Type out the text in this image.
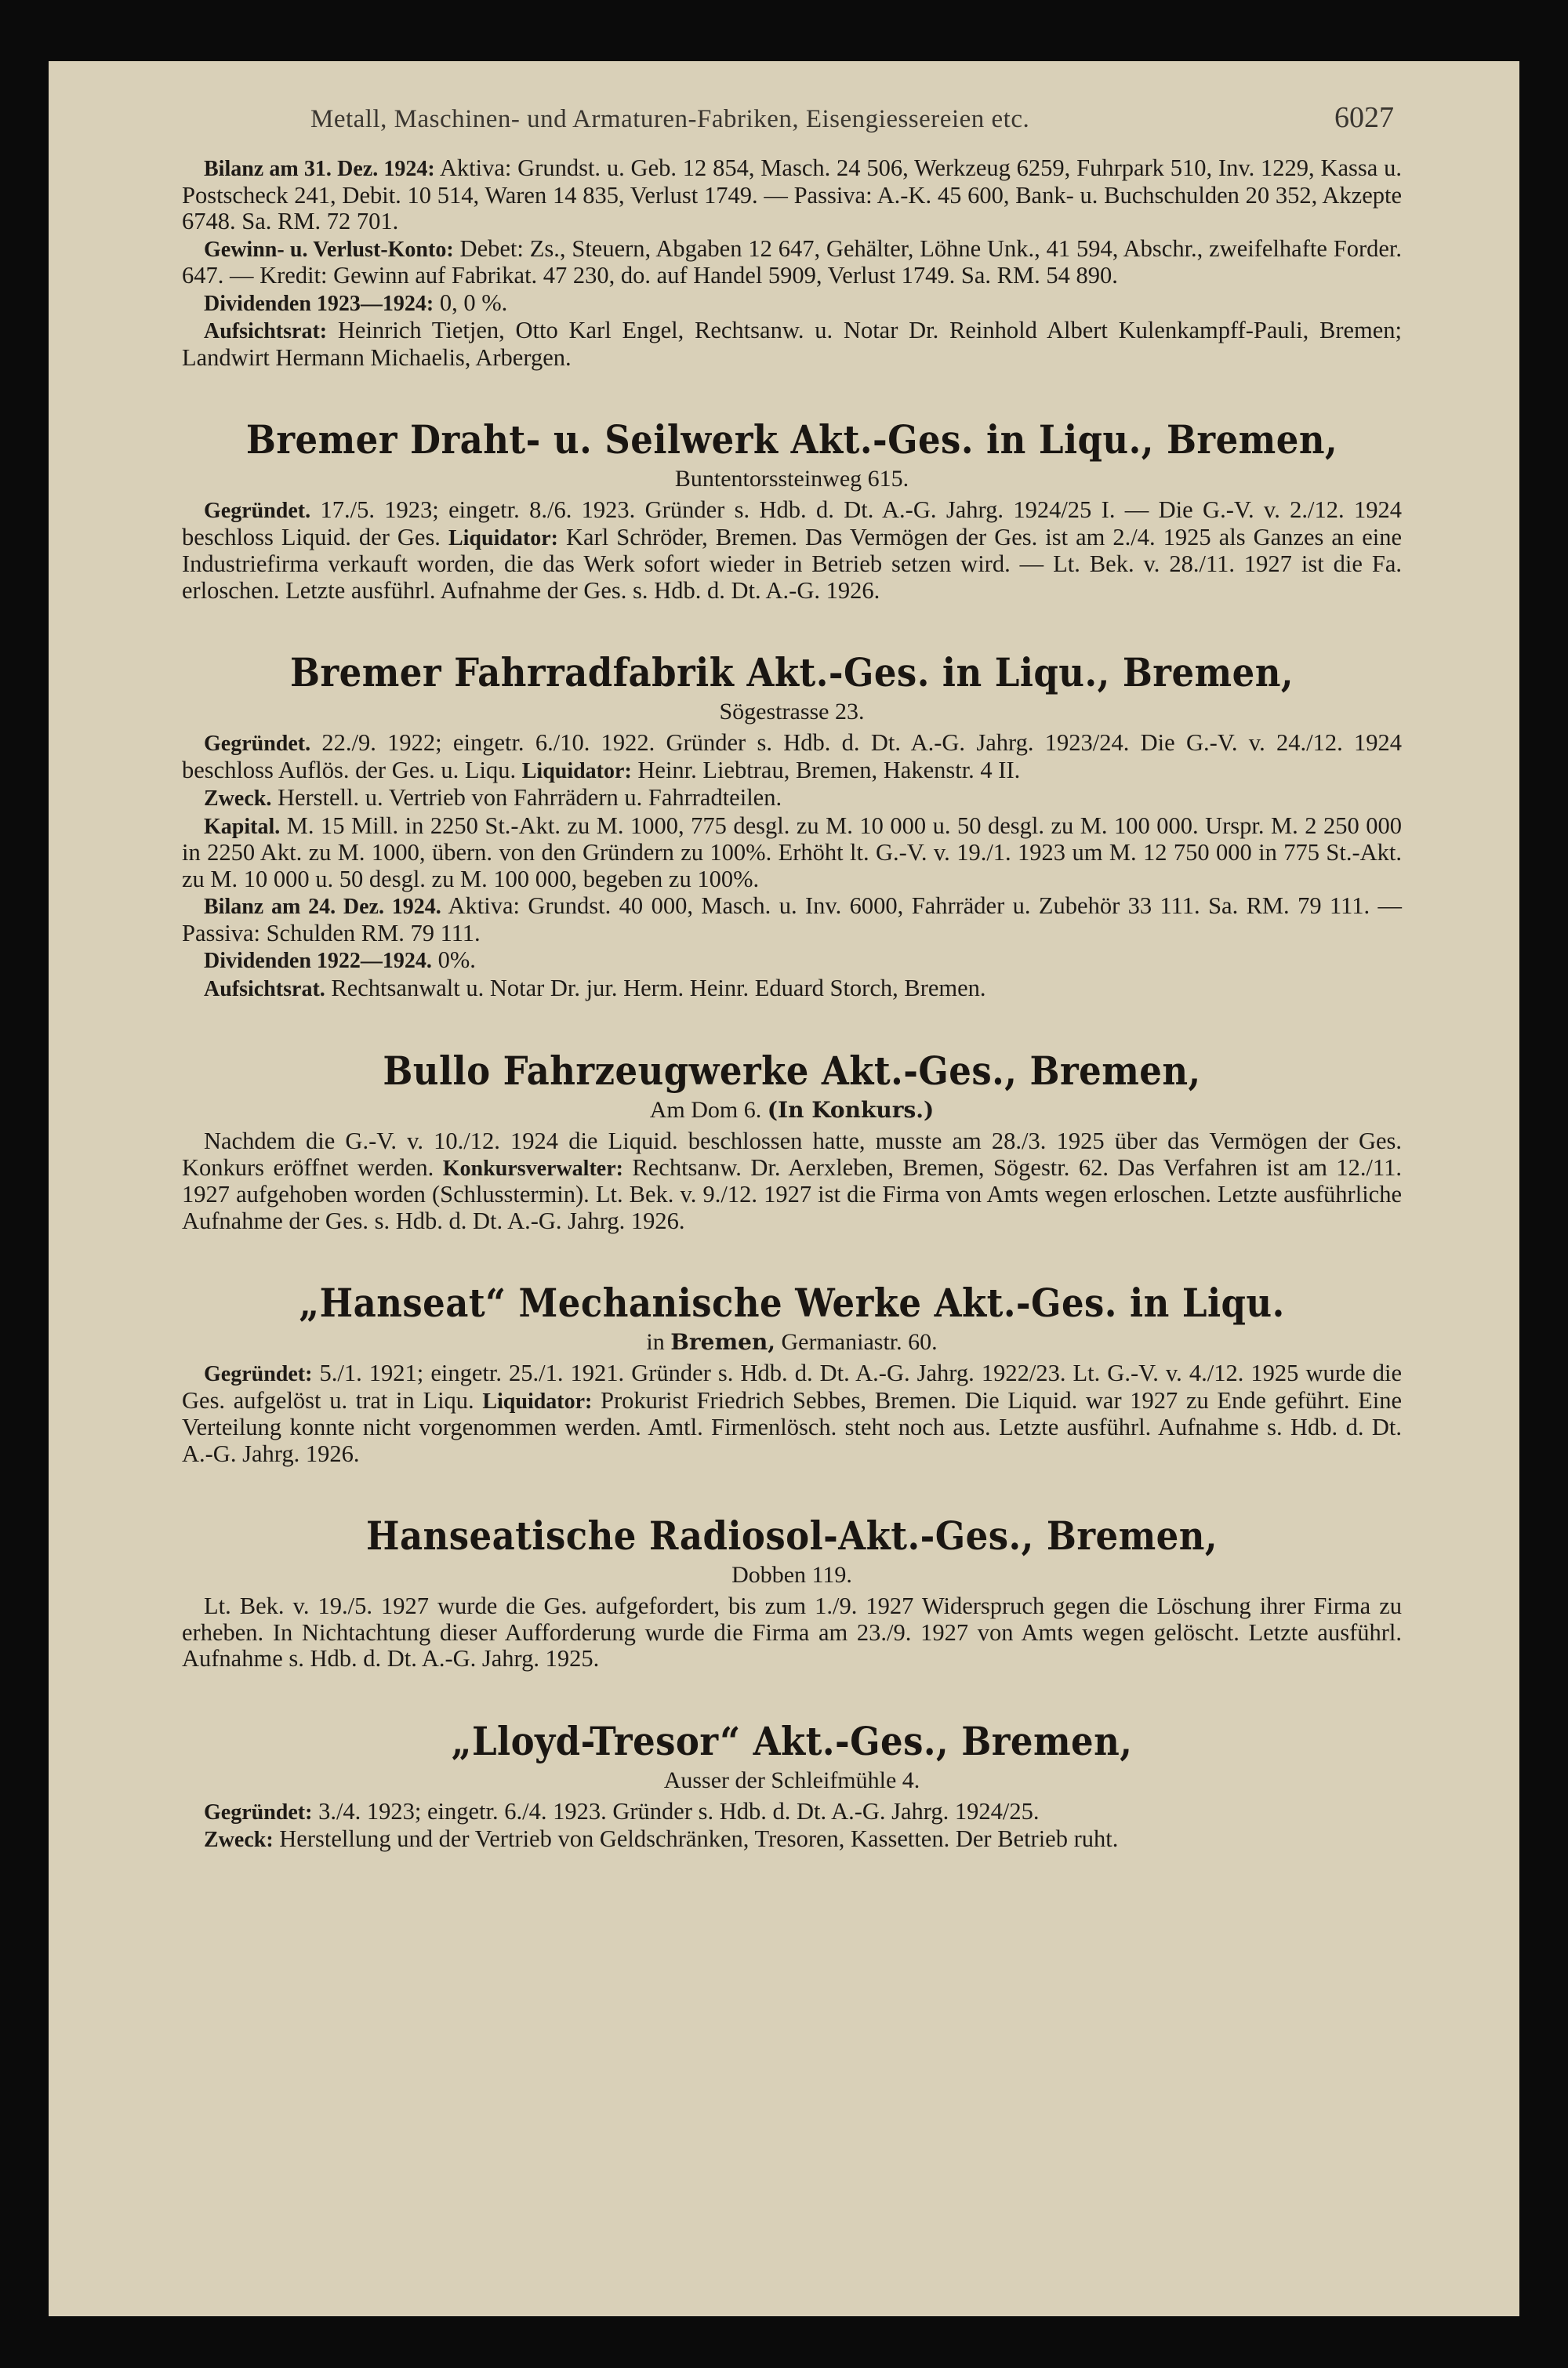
Metall, Maschinen- und Armaturen-Fabriken, Eisengiessereien etc.	6027

Bilanz am 31. Dez. 1924: Aktiva: Grundst. u. Geb. 12 854, Masch. 24 506, Werkzeug 6259, Fuhrpark 510, Inv. 1229, Kassa u. Postscheck 241, Debit. 10 514, Waren 14 835, Verlust 1749. — Passiva: A.-K. 45 600, Bank- u. Buchschulden 20 352, Akzepte 6748. Sa. RM. 72 701.

Gewinn- u. Verlust-Konto: Debet: Zs., Steuern, Abgaben 12 647, Gehälter, Löhne Unk., 41 594, Abschr., zweifelhafte Forder. 647. — Kredit: Gewinn auf Fabrikat. 47 230, do. auf Handel 5909, Verlust 1749. Sa. RM. 54 890.

Dividenden 1923—1924: 0, 0 %.

Aufsichtsrat: Heinrich Tietjen, Otto Karl Engel, Rechtsanw. u. Notar Dr. Reinhold Albert Kulenkampff-Pauli, Bremen; Landwirt Hermann Michaelis, Arbergen.

Bremer Draht- u. Seilwerk Akt.-Ges. in Liqu., Bremen,
Buntentorssteinweg 615.

Gegründet. 17./5. 1923; eingetr. 8./6. 1923. Gründer s. Hdb. d. Dt. A.-G. Jahrg. 1924/25 I. — Die G.-V. v. 2./12. 1924 beschloss Liquid. der Ges. Liquidator: Karl Schröder, Bremen. Das Vermögen der Ges. ist am 2./4. 1925 als Ganzes an eine Industriefirma verkauft worden, die das Werk sofort wieder in Betrieb setzen wird. — Lt. Bek. v. 28./11. 1927 ist die Fa. erloschen. Letzte ausführl. Aufnahme der Ges. s. Hdb. d. Dt. A.-G. 1926.

Bremer Fahrradfabrik Akt.-Ges. in Liqu., Bremen,
Sögestrasse 23.

Gegründet. 22./9. 1922; eingetr. 6./10. 1922. Gründer s. Hdb. d. Dt. A.-G. Jahrg. 1923/24. Die G.-V. v. 24./12. 1924 beschloss Auflös. der Ges. u. Liqu. Liquidator: Heinr. Liebtrau, Bremen, Hakenstr. 4 II.

Zweck. Herstell. u. Vertrieb von Fahrrädern u. Fahrradteilen.

Kapital. M. 15 Mill. in 2250 St.-Akt. zu M. 1000, 775 desgl. zu M. 10 000 u. 50 desgl. zu M. 100 000. Urspr. M. 2 250 000 in 2250 Akt. zu M. 1000, übern. von den Gründern zu 100%. Erhöht lt. G.-V. v. 19./1. 1923 um M. 12 750 000 in 775 St.-Akt. zu M. 10 000 u. 50 desgl. zu M. 100 000, begeben zu 100%.

Bilanz am 24. Dez. 1924. Aktiva: Grundst. 40 000, Masch. u. Inv. 6000, Fahrräder u. Zubehör 33 111. Sa. RM. 79 111. — Passiva: Schulden RM. 79 111.

Dividenden 1922—1924. 0%.

Aufsichtsrat. Rechtsanwalt u. Notar Dr. jur. Herm. Heinr. Eduard Storch, Bremen.

Bullo Fahrzeugwerke Akt.-Ges., Bremen,
Am Dom 6. (In Konkurs.)

Nachdem die G.-V. v. 10./12. 1924 die Liquid. beschlossen hatte, musste am 28./3. 1925 über das Vermögen der Ges. Konkurs eröffnet werden. Konkursverwalter: Rechtsanw. Dr. Aerxleben, Bremen, Sögestr. 62. Das Verfahren ist am 12./11. 1927 aufgehoben worden (Schlusstermin). Lt. Bek. v. 9./12. 1927 ist die Firma von Amts wegen erloschen. Letzte ausführliche Aufnahme der Ges. s. Hdb. d. Dt. A.-G. Jahrg. 1926.

„Hanseat“ Mechanische Werke Akt.-Ges. in Liqu.
in Bremen, Germaniastr. 60.

Gegründet: 5./1. 1921; eingetr. 25./1. 1921. Gründer s. Hdb. d. Dt. A.-G. Jahrg. 1922/23. Lt. G.-V. v. 4./12. 1925 wurde die Ges. aufgelöst u. trat in Liqu. Liquidator: Prokurist Friedrich Sebbes, Bremen. Die Liquid. war 1927 zu Ende geführt. Eine Verteilung konnte nicht vorgenommen werden. Amtl. Firmenlösch. steht noch aus. Letzte ausführl. Aufnahme s. Hdb. d. Dt. A.-G. Jahrg. 1926.

Hanseatische Radiosol-Akt.-Ges., Bremen,
Dobben 119.

Lt. Bek. v. 19./5. 1927 wurde die Ges. aufgefordert, bis zum 1./9. 1927 Widerspruch gegen die Löschung ihrer Firma zu erheben. In Nichtachtung dieser Aufforderung wurde die Firma am 23./9. 1927 von Amts wegen gelöscht. Letzte ausführl. Aufnahme s. Hdb. d. Dt. A.-G. Jahrg. 1925.

„Lloyd-Tresor“ Akt.-Ges., Bremen,
Ausser der Schleifmühle 4.

Gegründet: 3./4. 1923; eingetr. 6./4. 1923. Gründer s. Hdb. d. Dt. A.-G. Jahrg. 1924/25.

Zweck: Herstellung und der Vertrieb von Geldschränken, Tresoren, Kassetten. Der Betrieb ruht.
